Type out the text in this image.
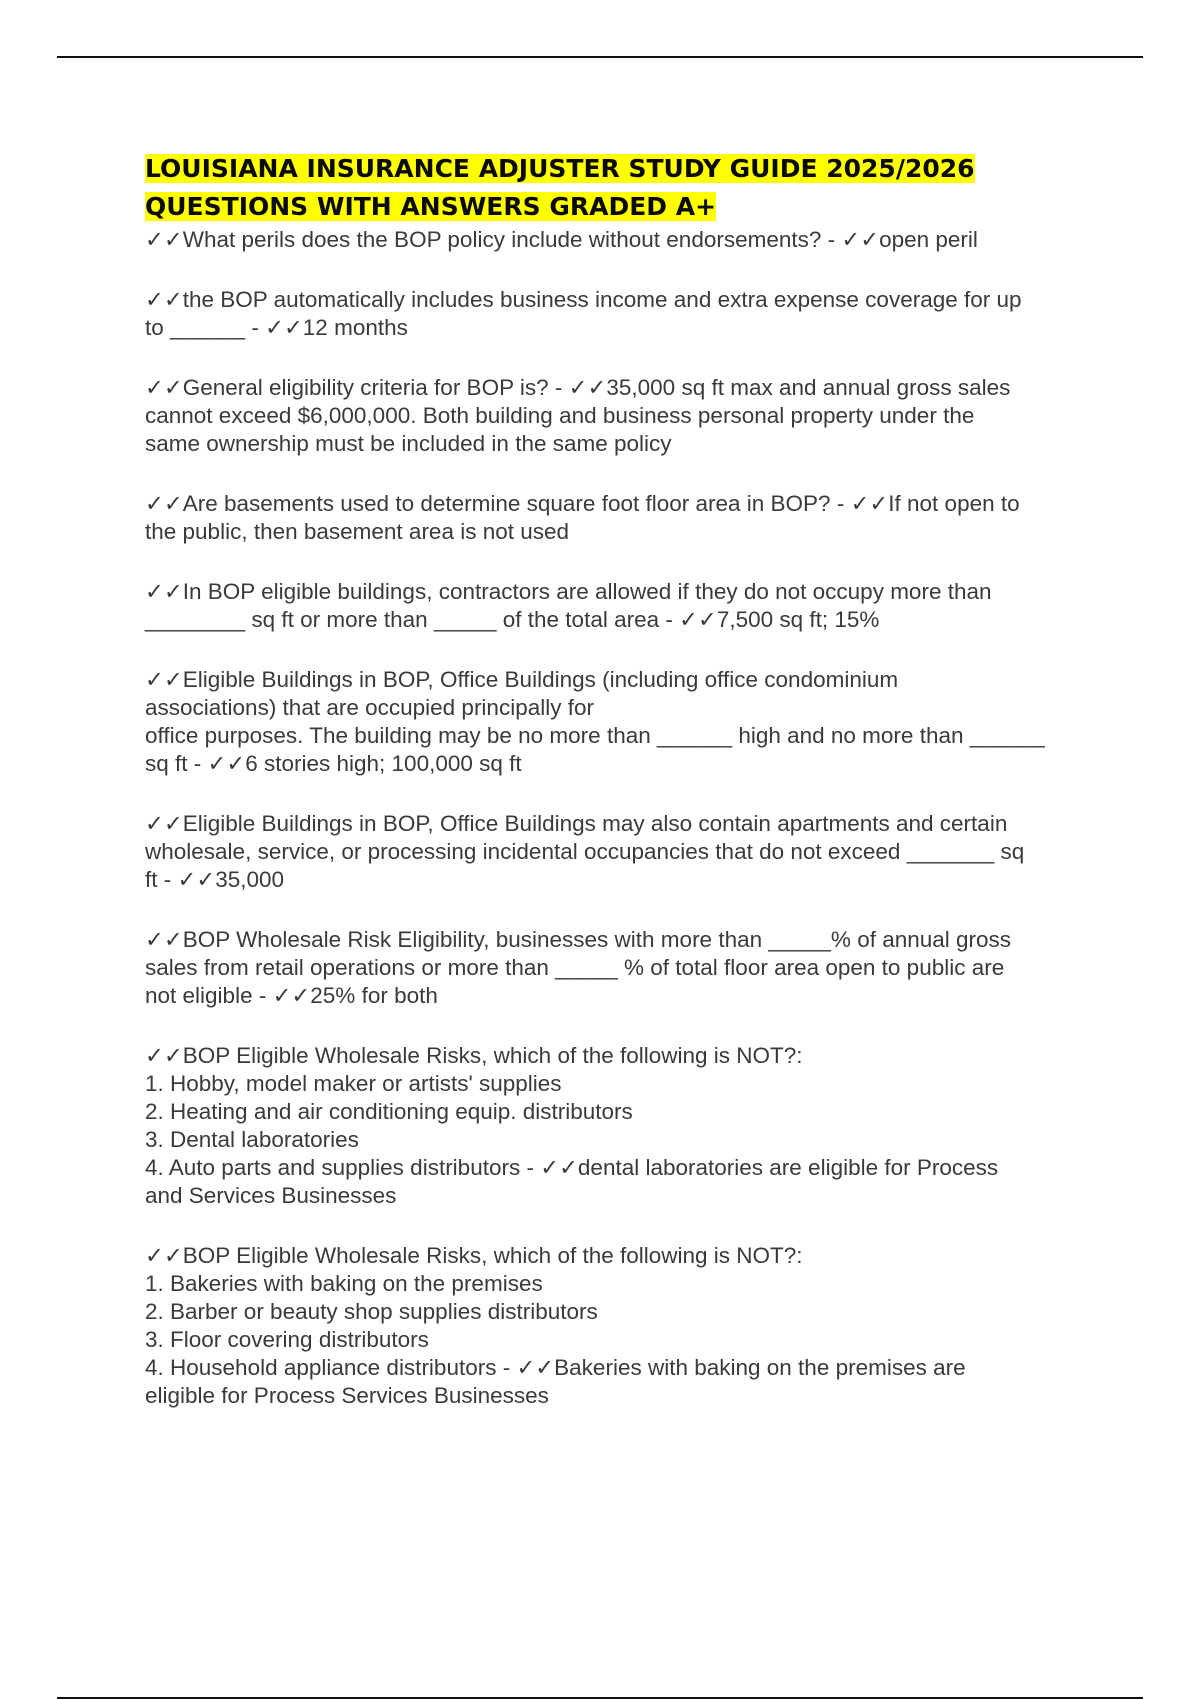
LOUISIANA INSURANCE ADJUSTER STUDY GUIDE 2025/2026
QUESTIONS WITH ANSWERS GRADED A+
✓✓What perils does the BOP policy include without endorsements? - ✓✓open peril
✓✓the BOP automatically includes business income and extra expense coverage for up
to ______ - ✓✓12 months
✓✓General eligibility criteria for BOP is? - ✓✓35,000 sq ft max and annual gross sales
cannot exceed $6,000,000. Both building and business personal property under the
same ownership must be included in the same policy
✓✓Are basements used to determine square foot floor area in BOP? - ✓✓If not open to
the public, then basement area is not used
✓✓In BOP eligible buildings, contractors are allowed if they do not occupy more than
________ sq ft or more than _____ of the total area - ✓✓7,500 sq ft; 15%
✓✓Eligible Buildings in BOP, Office Buildings (including office condominium
associations) that are occupied principally for
office purposes. The building may be no more than ______ high and no more than ______
sq ft - ✓✓6 stories high; 100,000 sq ft
✓✓Eligible Buildings in BOP, Office Buildings may also contain apartments and certain
wholesale, service, or processing incidental occupancies that do not exceed _______ sq
ft - ✓✓35,000
✓✓BOP Wholesale Risk Eligibility, businesses with more than _____% of annual gross
sales from retail operations or more than _____ % of total floor area open to public are
not eligible - ✓✓25% for both
✓✓BOP Eligible Wholesale Risks, which of the following is NOT?:
1. Hobby, model maker or artists' supplies
2. Heating and air conditioning equip. distributors
3. Dental laboratories
4. Auto parts and supplies distributors - ✓✓dental laboratories are eligible for Process
and Services Businesses
✓✓BOP Eligible Wholesale Risks, which of the following is NOT?:
1. Bakeries with baking on the premises
2. Barber or beauty shop supplies distributors
3. Floor covering distributors
4. Household appliance distributors - ✓✓Bakeries with baking on the premises are
eligible for Process Services Businesses
